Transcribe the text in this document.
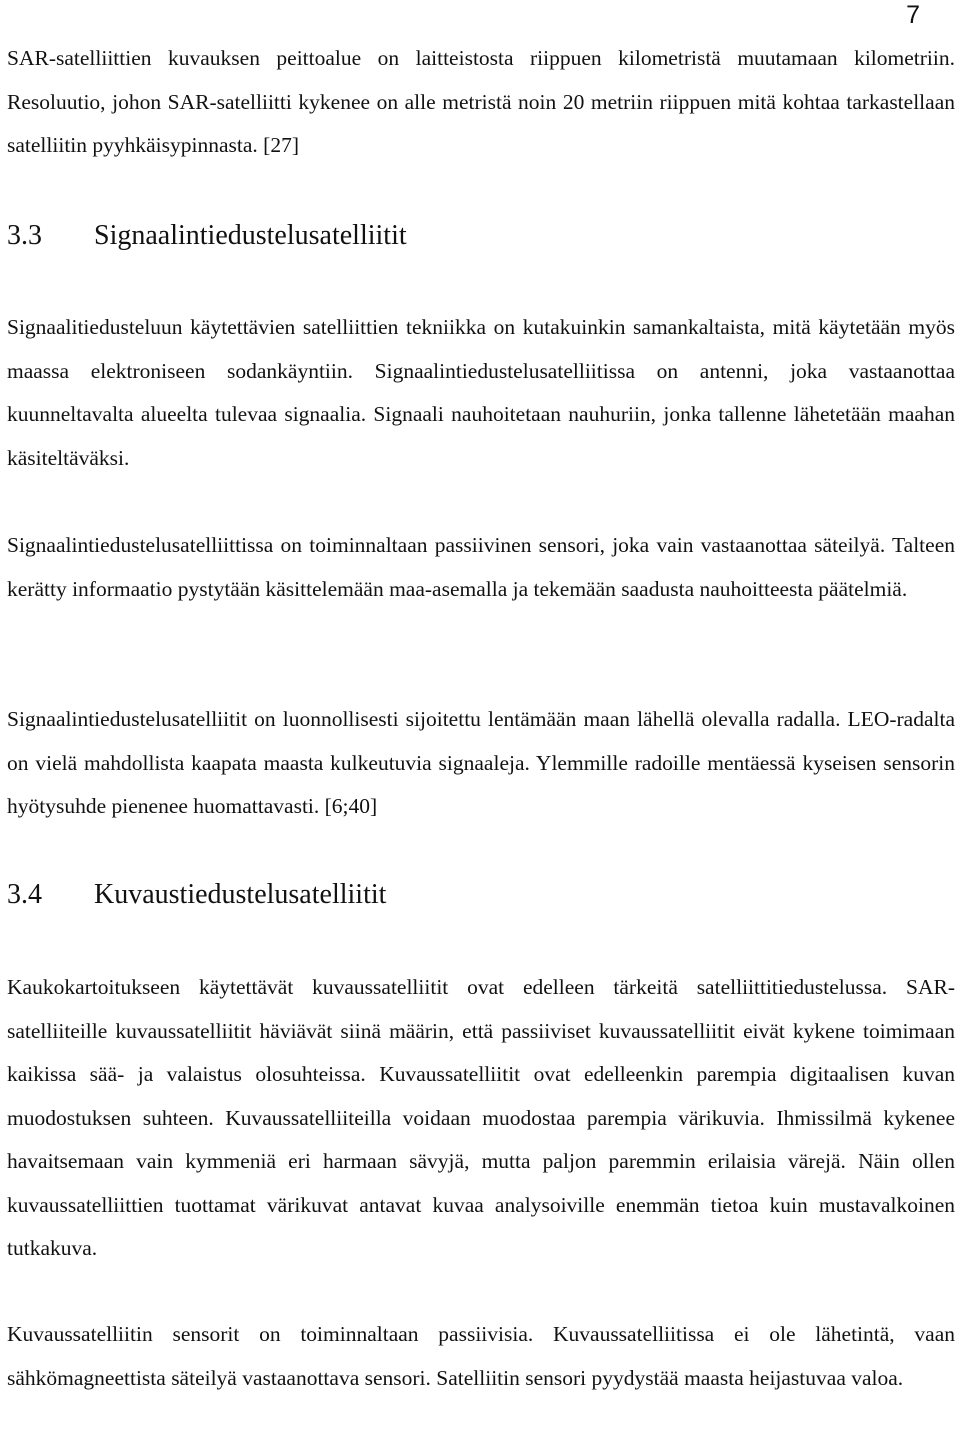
7

SAR-satelliittien kuvauksen peittoalue on laitteistosta riippuen kilometristä muutamaan kilometriin. Resoluutio, johon SAR-satelliitti kykenee on alle metristä noin 20 metriin riippuen mitä kohtaa tarkastellaan satelliitin pyyhkäisypinnasta. [27]

3.3 Signaalintiedustelusatelliitit

Signaalitiedusteluun käytettävien satelliittien tekniikka on kutakuinkin samankaltaista, mitä käytetään myös maassa elektroniseen sodankäyntiin. Signaalintiedustelusatelliitissa on antenni, joka vastaanottaa kuunneltavalta alueelta tulevaa signaalia. Signaali nauhoitetaan nauhuriin, jonka tallenne lähetetään maahan käsiteltäväksi.

Signaalintiedustelusatelliittissa on toiminnaltaan passiivinen sensori, joka vain vastaanottaa säteilyä. Talteen kerätty informaatio pystytään käsittelemään maa-asemalla ja tekemään saadusta nauhoitteesta päätelmiä.

Signaalintiedustelusatelliitit on luonnollisesti sijoitettu lentämään maan lähellä olevalla radalla. LEO-radalta on vielä mahdollista kaapata maasta kulkeutuvia signaaleja. Ylemmille radoille mentäessä kyseisen sensorin hyötysuhde pienenee huomattavasti. [6;40]

3.4 Kuvaustiedustelusatelliitit

Kaukokartoitukseen käytettävät kuvaussatelliitit ovat edelleen tärkeitä satelliittitiedustelussa. SAR-satelliiteille kuvaussatelliitit häviävät siinä määrin, että passiiviset kuvaussatelliitit eivät kykene toimimaan kaikissa sää- ja valaistus olosuhteissa. Kuvaussatelliitit ovat edelleenkin parempia digitaalisen kuvan muodostuksen suhteen. Kuvaussatelliiteilla voidaan muodostaa parempia värikuvia. Ihmissilmä kykenee havaitsemaan vain kymmeniä eri harmaan sävyjä, mutta paljon paremmin erilaisia värejä. Näin ollen kuvaussatelliittien tuottamat värikuvat antavat kuvaa analysoiville enemmän tietoa kuin mustavalkoinen tutkakuva.

Kuvaussatelliitin sensorit on toiminnaltaan passiivisia. Kuvaussatelliitissa ei ole lähetintä, vaan sähkömagneettista säteilyä vastaanottava sensori. Satelliitin sensori pyydystää maasta heijastuvaa valoa.
